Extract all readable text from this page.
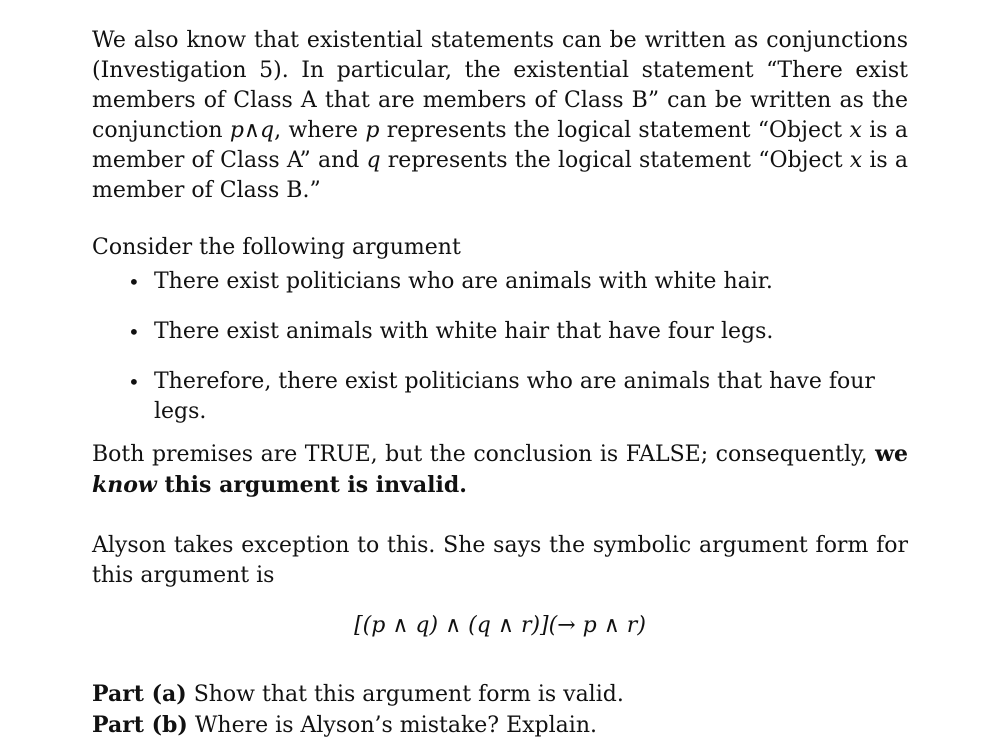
We also know that existential statements can be written as conjunctions (Investigation 5). In particular, the existential statement “There exist members of Class A that are members of Class B” can be written as the conjunction p∧q, where p represents the logical statement “Object x is a member of Class A” and q represents the logical statement “Object x is a member of Class B.”

Consider the following argument

• There exist politicians who are animals with white hair.
• There exist animals with white hair that have four legs.
• Therefore, there exist politicians who are animals that have four legs.

Both premises are TRUE, but the conclusion is FALSE; consequently, we know this argument is invalid.

Alyson takes exception to this. She says the symbolic argument form for this argument is

[(p ∧ q) ∧ (q ∧ r)](→ p ∧ r)
Part (a) Show that this argument form is valid.
Part (b) Where is Alyson’s mistake? Explain.
